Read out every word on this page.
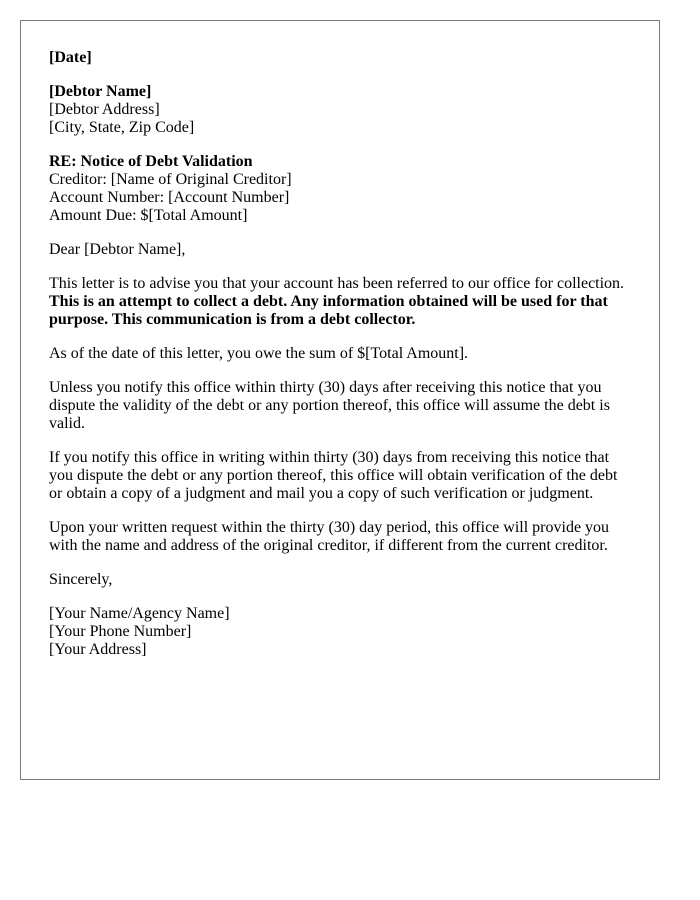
[Date]
[Debtor Name]
[Debtor Address]
[City, State, Zip Code]
RE: Notice of Debt Validation
Creditor: [Name of Original Creditor]
Account Number: [Account Number]
Amount Due: $[Total Amount]

Dear [Debtor Name],

This letter is to advise you that your account has been referred to our office for collection. This is an attempt to collect a debt. Any information obtained will be used for that purpose. This communication is from a debt collector.

As of the date of this letter, you owe the sum of $[Total Amount].

Unless you notify this office within thirty (30) days after receiving this notice that you dispute the validity of the debt or any portion thereof, this office will assume the debt is valid.

If you notify this office in writing within thirty (30) days from receiving this notice that you dispute the debt or any portion thereof, this office will obtain verification of the debt or obtain a copy of a judgment and mail you a copy of such verification or judgment.

Upon your written request within the thirty (30) day period, this office will provide you with the name and address of the original creditor, if different from the current creditor.

Sincerely,

[Your Name/Agency Name]
[Your Phone Number]
[Your Address]
